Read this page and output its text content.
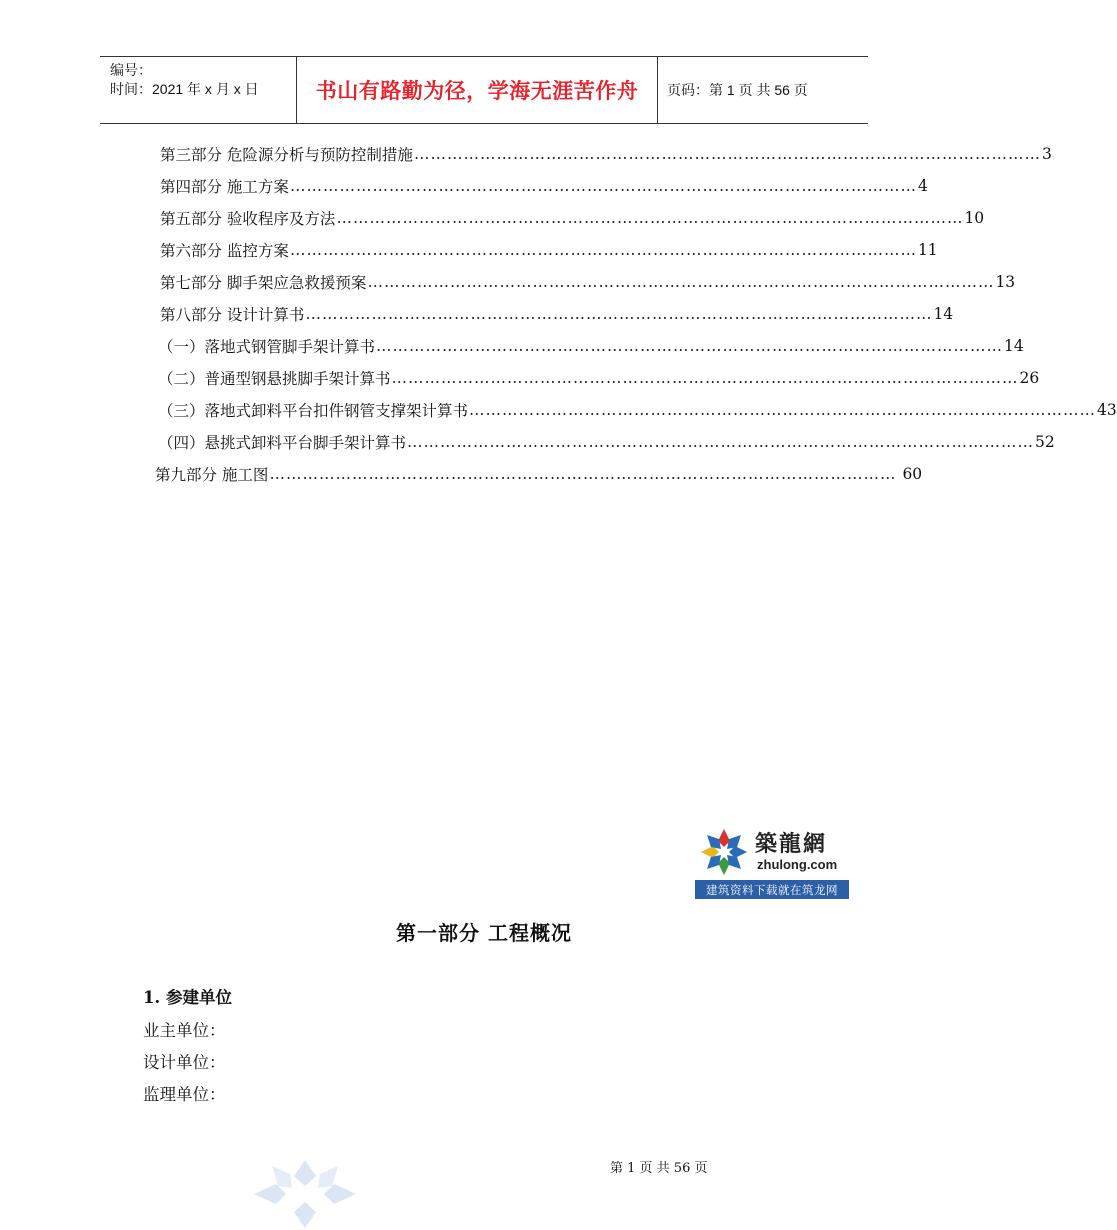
编号：
时间：2021 年 x 月 x 日	书山有路勤为径，学海无涯苦作舟	页码：第 1 页 共 56 页
第三部分 危险源分析与预防控制措施 …………………………………………………………………………………………………… 3
第四部分 施工方案 …………………………………………………………………………………………………… 4
第五部分 验收程序及方法 …………………………………………………………………………………………………… 10
第六部分 监控方案 …………………………………………………………………………………………………… 11
第七部分 脚手架应急救援预案 …………………………………………………………………………………………………… 13
第八部分 设计计算书 …………………………………………………………………………………………………… 14
（一）落地式钢管脚手架计算书 …………………………………………………………………………………………………… 14
（二）普通型钢悬挑脚手架计算书 …………………………………………………………………………………………………… 26
（三）落地式卸料平台扣件钢管支撑架计算书 …………………………………………………………………………………………………… 43
（四）悬挑式卸料平台脚手架计算书 …………………………………………………………………………………………………… 52
第九部分 施工图 …………………………………………………………………………………………………… 60
築龍網
zhulong.com
建筑资料下载就在筑龙网
第一部分 工程概况
1. 参建单位
业主单位：
设计单位：
监理单位：
第 1 页 共 56 页
